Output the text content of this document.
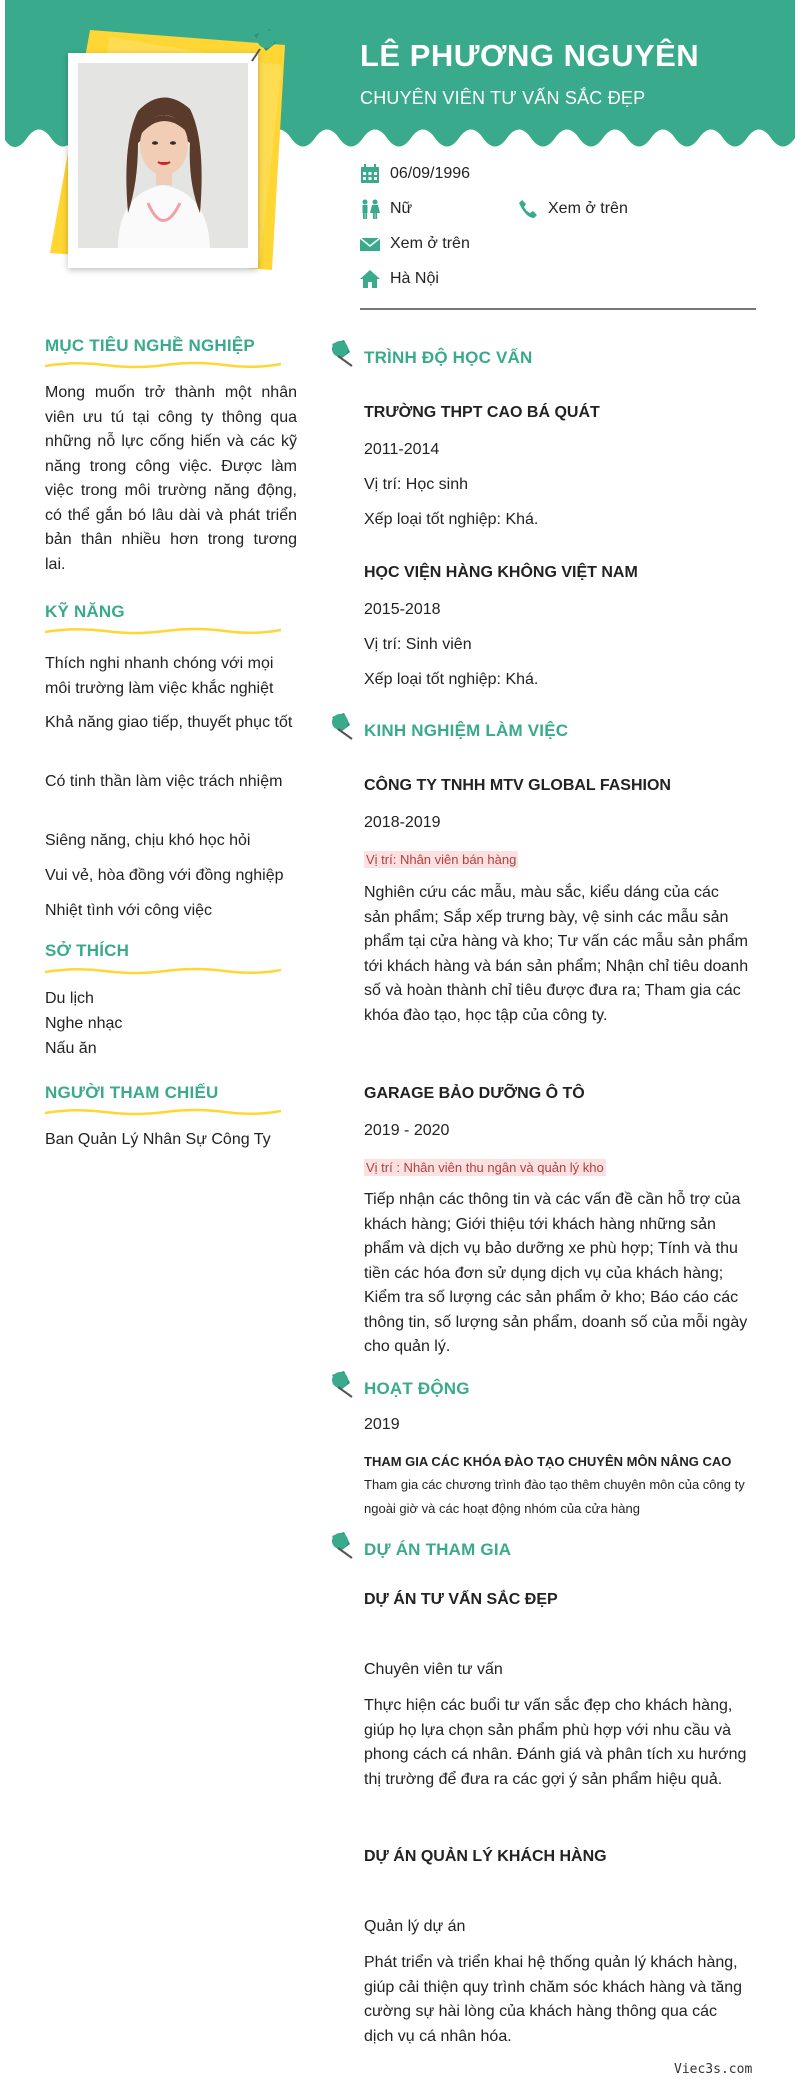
LÊ PHƯƠNG NGUYÊN
CHUYÊN VIÊN TƯ VẤN SẮC ĐẸP
06/09/1996
Nữ	Xem ở trên
Xem ở trên
Hà Nội
MỤC TIÊU NGHỀ NGHIỆP
Mong muốn trở thành một nhân viên ưu tú tại công ty thông qua những nỗ lực cống hiến và các kỹ năng trong công việc. Được làm việc trong môi trường năng động, có thể gắn bó lâu dài và phát triển bản thân nhiều hơn trong tương lai.
KỸ NĂNG
Thích nghi nhanh chóng với mọi môi trường làm việc khắc nghiệt
Khả năng giao tiếp, thuyết phục tốt
Có tinh thần làm việc trách nhiệm
Siêng năng, chịu khó học hỏi
Vui vẻ, hòa đồng với đồng nghiệp
Nhiệt tình với công việc
SỞ THÍCH
Du lịch
Nghe nhạc
Nấu ăn
NGƯỜI THAM CHIẾU
Ban Quản Lý Nhân Sự Công Ty
TRÌNH ĐỘ HỌC VẤN
TRƯỜNG THPT CAO BÁ QUÁT
2011-2014
Vị trí: Học sinh
Xếp loại tốt nghiệp: Khá.
HỌC VIỆN HÀNG KHÔNG VIỆT NAM
2015-2018
Vị trí: Sinh viên
Xếp loại tốt nghiệp: Khá.
KINH NGHIỆM LÀM VIỆC
CÔNG TY TNHH MTV GLOBAL FASHION
2018-2019
Vị trí: Nhân viên bán hàng
Nghiên cứu các mẫu, màu sắc, kiểu dáng của các sản phẩm; Sắp xếp trưng bày, vệ sinh các mẫu sản phẩm tại cửa hàng và kho; Tư vấn các mẫu sản phẩm tới khách hàng và bán sản phẩm; Nhận chỉ tiêu doanh số và hoàn thành chỉ tiêu được đưa ra; Tham gia các khóa đào tạo, học tập của công ty.
GARAGE BẢO DƯỠNG Ô TÔ
2019 - 2020
Vị trí : Nhân viên thu ngân và quản lý kho
Tiếp nhận các thông tin và các vấn đề cần hỗ trợ của khách hàng; Giới thiệu tới khách hàng những sản phẩm và dịch vụ bảo dưỡng xe phù hợp; Tính và thu tiền các hóa đơn sử dụng dịch vụ của khách hàng; Kiểm tra số lượng các sản phẩm ở kho; Báo cáo các thông tin, số lượng sản phẩm, doanh số của mỗi ngày cho quản lý.
HOẠT ĐỘNG
2019
THAM GIA CÁC KHÓA ĐÀO TẠO CHUYÊN MÔN NÂNG CAO
Tham gia các chương trình đào tạo thêm chuyên môn của công ty ngoài giờ và các hoạt động nhóm của cửa hàng
DỰ ÁN THAM GIA
DỰ ÁN TƯ VẤN SẮC ĐẸP
Chuyên viên tư vấn
Thực hiện các buổi tư vấn sắc đẹp cho khách hàng, giúp họ lựa chọn sản phẩm phù hợp với nhu cầu và phong cách cá nhân. Đánh giá và phân tích xu hướng thị trường để đưa ra các gợi ý sản phẩm hiệu quả.
DỰ ÁN QUẢN LÝ KHÁCH HÀNG
Quản lý dự án
Phát triển và triển khai hệ thống quản lý khách hàng, giúp cải thiện quy trình chăm sóc khách hàng và tăng cường sự hài lòng của khách hàng thông qua các dịch vụ cá nhân hóa.
Viec3s.com
